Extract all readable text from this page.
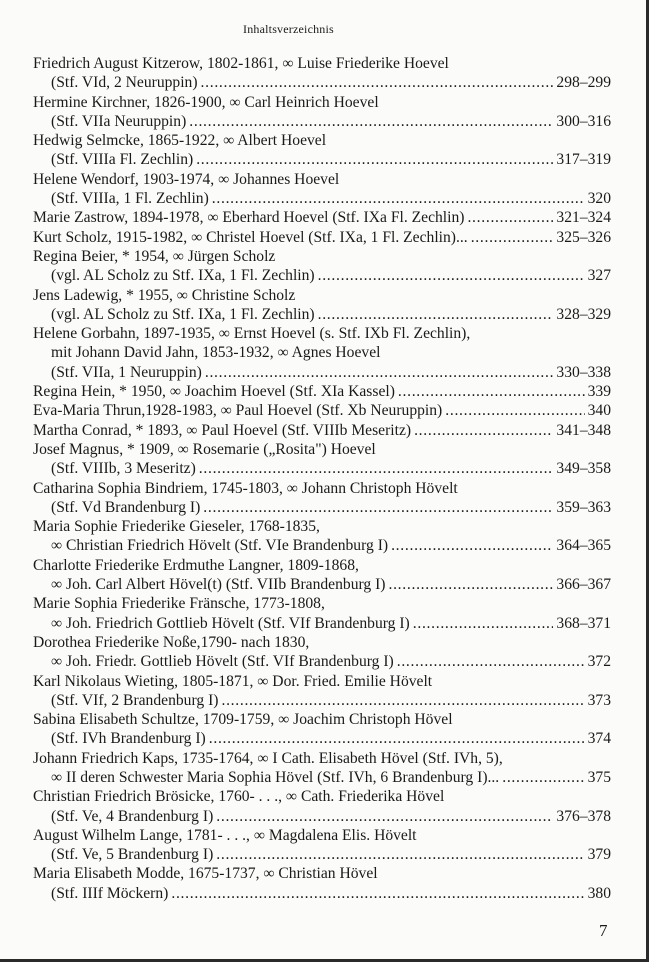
Inhaltsverzeichnis
Friedrich August Kitzerow, 1802-1861, ∞ Luise Friederike Hoevel
(Stf. VId, 2 Neuruppin) . . .	298–299
Hermine Kirchner, 1826-1900, ∞ Carl Heinrich Hoevel
(Stf. VIIa Neuruppin) . . .	300–316
Hedwig Selmcke, 1865-1922, ∞ Albert Hoevel
(Stf. VIIIa Fl. Zechlin) . . .	317–319
Helene Wendorf, 1903-1974, ∞ Johannes Hoevel
(Stf. VIIIa, 1 Fl. Zechlin) . . .	320
Marie Zastrow, 1894-1978, ∞ Eberhard Hoevel (Stf. IXa Fl. Zechlin) . . .	321–324
Kurt Scholz, 1915-1982, ∞ Christel Hoevel (Stf. IXa, 1 Fl. Zechlin)... . . .	325–326
Regina Beier, * 1954, ∞ Jürgen Scholz
(vgl. AL Scholz zu Stf. IXa, 1 Fl. Zechlin) . . .	327
Jens Ladewig, * 1955, ∞ Christine Scholz
(vgl. AL Scholz zu Stf. IXa, 1 Fl. Zechlin) . . .	328–329
Helene Gorbahn, 1897-1935, ∞ Ernst Hoevel (s. Stf. IXb Fl. Zechlin),
mit Johann David Jahn, 1853-1932, ∞ Agnes Hoevel
(Stf. VIIa, 1 Neuruppin) . . .	330–338
Regina Hein, * 1950, ∞ Joachim Hoevel (Stf. XIa Kassel) . . .	339
Eva-Maria Thrun,1928-1983, ∞ Paul Hoevel (Stf. Xb Neuruppin) . . .	340
Martha Conrad, * 1893, ∞ Paul Hoevel (Stf. VIIIb Meseritz) . . .	341–348
Josef Magnus, * 1909, ∞ Rosemarie („Rosita") Hoevel
(Stf. VIIIb, 3 Meseritz) . . .	349–358
Catharina Sophia Bindriem, 1745-1803, ∞ Johann Christoph Hövelt
(Stf. Vd Brandenburg I) . . .	359–363
Maria Sophie Friederike Gieseler, 1768-1835,
∞ Christian Friedrich Hövelt (Stf. VIe Brandenburg I) . . .	364–365
Charlotte Friederike Erdmuthe Langner, 1809-1868,
∞ Joh. Carl Albert Hövel(t) (Stf. VIIb Brandenburg I) . . .	366–367
Marie Sophia Friederike Fränsche, 1773-1808,
∞ Joh. Friedrich Gottlieb Hövelt (Stf. VIf Brandenburg I) . . .	368–371
Dorothea Friederike Noße,1790- nach 1830,
∞ Joh. Friedr. Gottlieb Hövelt (Stf. VIf Brandenburg I) . . .	372
Karl Nikolaus Wieting, 1805-1871, ∞ Dor. Fried. Emilie Hövelt
(Stf. VIf, 2 Brandenburg I) . . .	373
Sabina Elisabeth Schultze, 1709-1759, ∞ Joachim Christoph Hövel
(Stf. IVh Brandenburg I) . . .	374
Johann Friedrich Kaps, 1735-1764, ∞ I Cath. Elisabeth Hövel (Stf. IVh, 5),
∞ II deren Schwester Maria Sophia Hövel (Stf. IVh, 6 Brandenburg I)... . . .	375
Christian Friedrich Brösicke, 1760- . . ., ∞ Cath. Friederika Hövel
(Stf. Ve, 4 Brandenburg I) . . .	376–378
August Wilhelm Lange, 1781- . . ., ∞ Magdalena Elis. Hövelt
(Stf. Ve, 5 Brandenburg I) . . .	379
Maria Elisabeth Modde, 1675-1737, ∞ Christian Hövel
(Stf. IIIf Möckern) . . .	380
7
